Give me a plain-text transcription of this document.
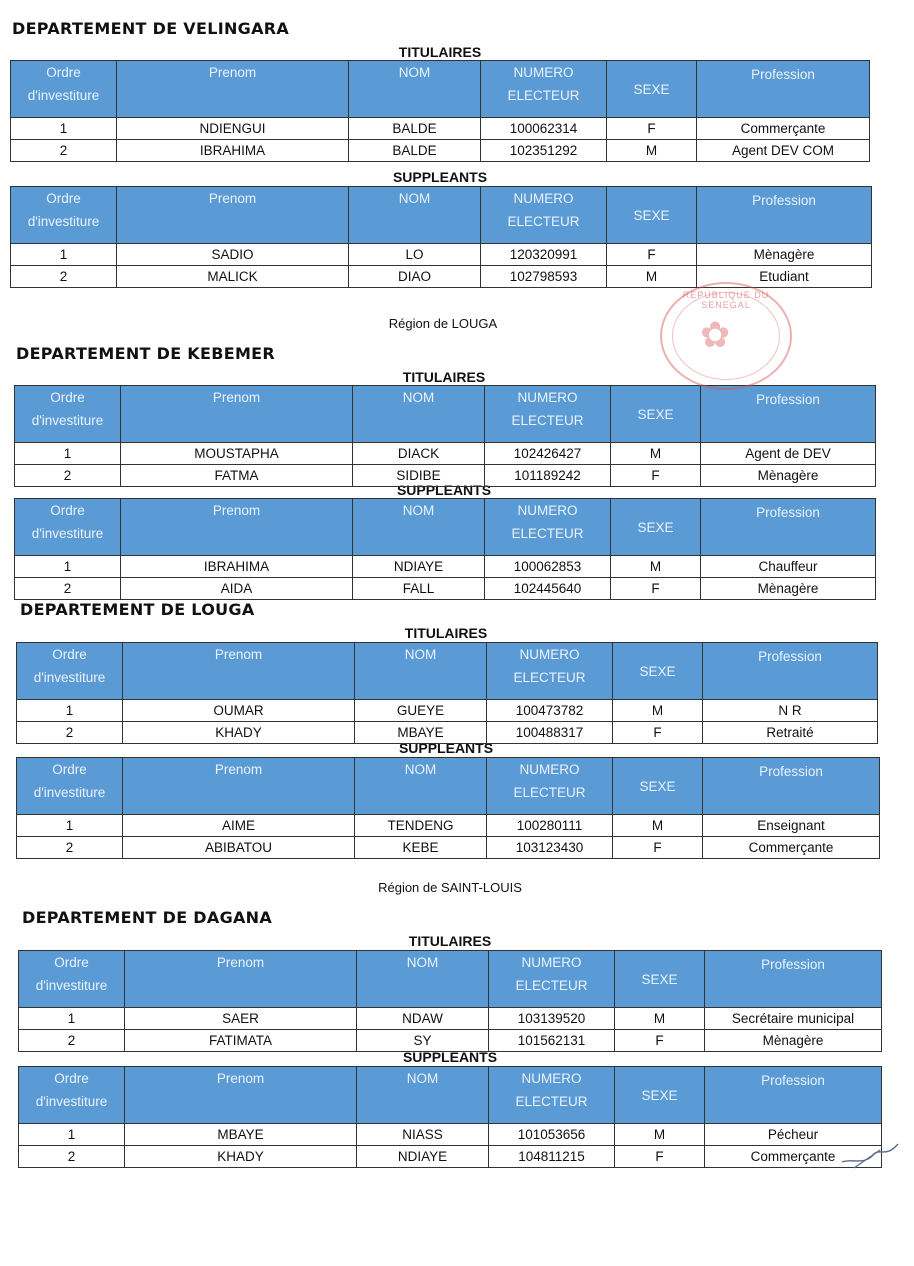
DEPARTEMENT DE VELINGARA
DEPARTEMENT DE KEBEMER
DEPARTEMENT DE LOUGA
DEPARTEMENT DE DAGANA
TITULAIRES
SUPPLEANTS
TITULAIRES
SUPPLEANTS
TITULAIRES
SUPPLEANTS
TITULAIRES
SUPPLEANTS
Région de LOUGA
Région de SAINT-LOUIS
Ordre d'investiture	Prenom	NOM	NUMERO ELECTEUR	SEXE	Profession
1	NDIENGUI	BALDE	100062314	F	Commerçante
2	IBRAHIMA	BALDE	102351292	M	Agent DEV COM
Ordre d'investiture	Prenom	NOM	NUMERO ELECTEUR	SEXE	Profession
1	SADIO	LO	120320991	F	Mènagère
2	MALICK	DIAO	102798593	M	Etudiant
Ordre d'investiture	Prenom	NOM	NUMERO ELECTEUR	SEXE	Profession
1	MOUSTAPHA	DIACK	102426427	M	Agent de DEV
2	FATMA	SIDIBE	101189242	F	Mènagère
Ordre d'investiture	Prenom	NOM	NUMERO ELECTEUR	SEXE	Profession
1	IBRAHIMA	NDIAYE	100062853	M	Chauffeur
2	AIDA	FALL	102445640	F	Mènagère
Ordre d'investiture	Prenom	NOM	NUMERO ELECTEUR	SEXE	Profession
1	OUMAR	GUEYE	100473782	M	N R
2	KHADY	MBAYE	100488317	F	Retraité
Ordre d'investiture	Prenom	NOM	NUMERO ELECTEUR	SEXE	Profession
1	AIME	TENDENG	100280111	M	Enseignant
2	ABIBATOU	KEBE	103123430	F	Commerçante
Ordre d'investiture	Prenom	NOM	NUMERO ELECTEUR	SEXE	Profession
1	SAER	NDAW	103139520	M	Secrétaire municipal
2	FATIMATA	SY	101562131	F	Mènagère
Ordre d'investiture	Prenom	NOM	NUMERO ELECTEUR	SEXE	Profession
1	MBAYE	NIASS	101053656	M	Pécheur
2	KHADY	NDIAYE	104811215	F	Commerçante
REPUBLIQUE DU SENEGAL
✿
